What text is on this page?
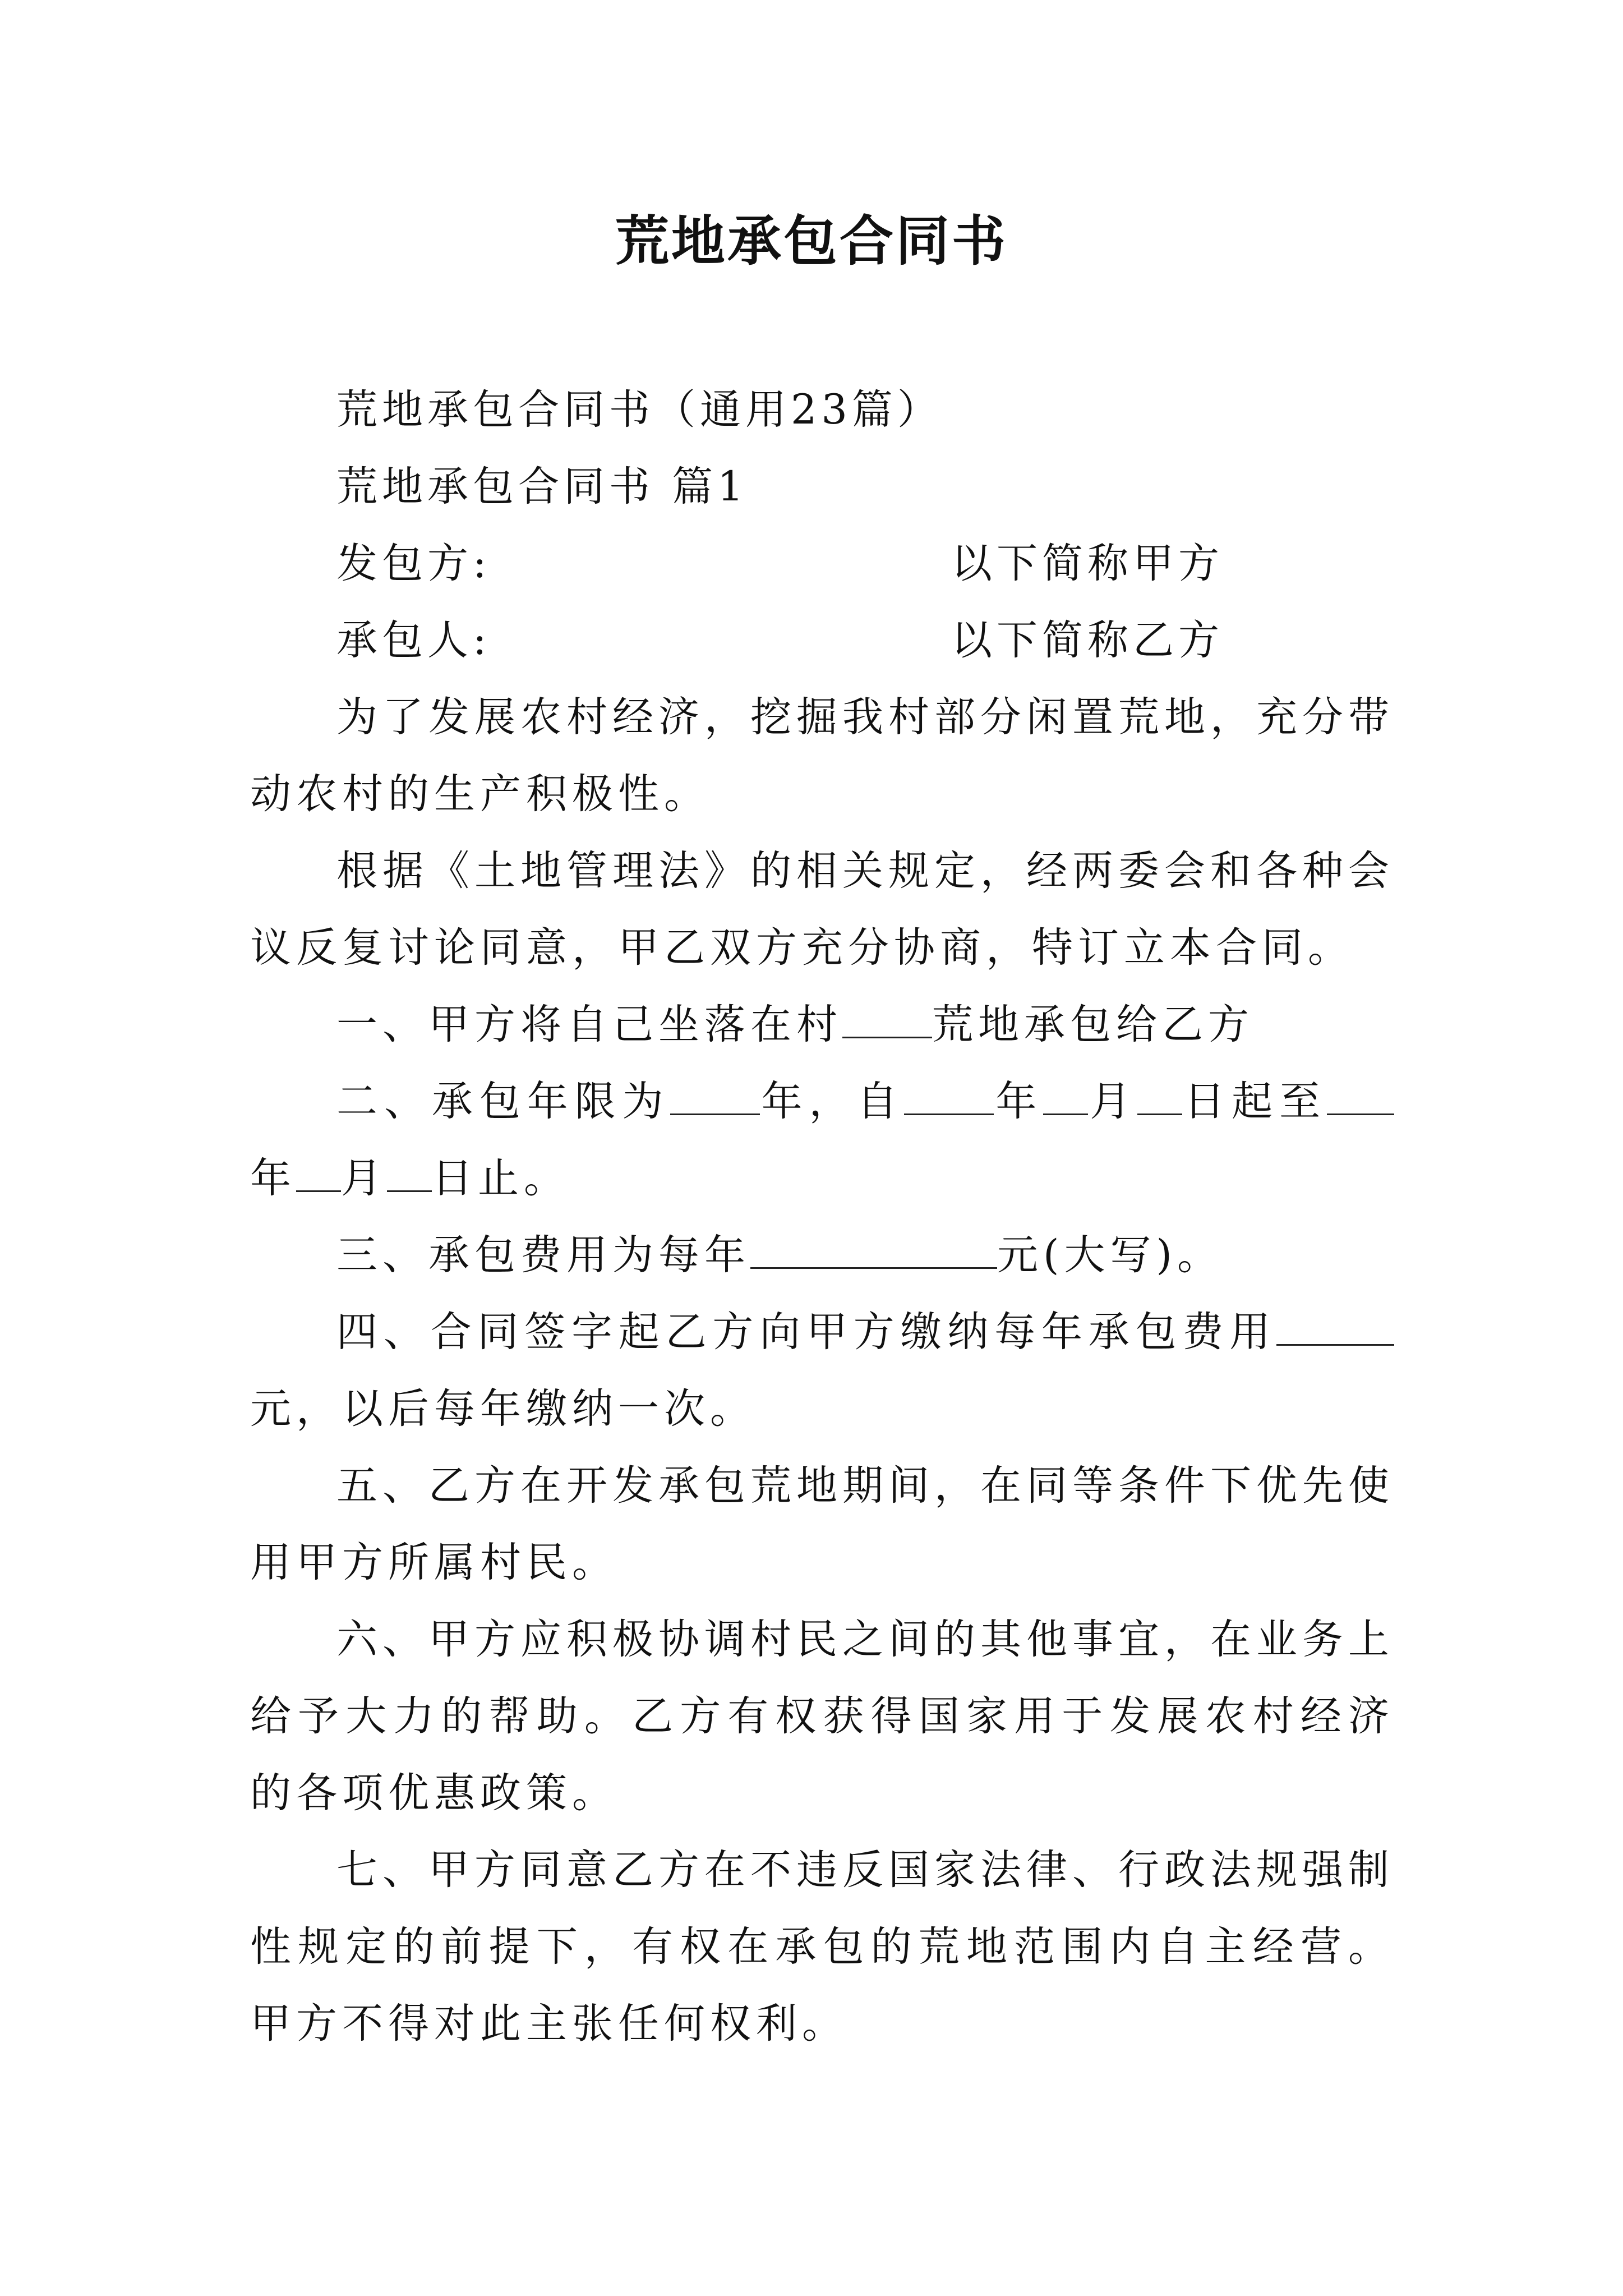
荒地承包合同书
荒地承包合同书（通用23篇）
荒地承包合同书 篇1
发包方:	以下简称甲方
承包人:	以下简称乙方
为了发展农村经济，挖掘我村部分闲置荒地，充分带动农村的生产积极性。
根据《土地管理法》的相关规定，经两委会和各种会议反复讨论同意，甲乙双方充分协商，特订立本合同。
一、甲方将自己坐落在村 荒地承包给乙方
二、承包年限为 年，自 年 月 日起至年 月 日止。
三、承包费用为每年	元(大写)。
四、合同签字起乙方向甲方缴纳每年承包费用元，以后每年缴纳一次。
五、乙方在开发承包荒地期间，在同等条件下优先使用甲方所属村民。
六、甲方应积极协调村民之间的其他事宜，在业务上给予大力的帮助。乙方有权获得国家用于发展农村经济的各项优惠政策。
七、甲方同意乙方在不违反国家法律、行政法规强制性规定的前提下，有权在承包的荒地范围内自主经营。甲方不得对此主张任何权利。
